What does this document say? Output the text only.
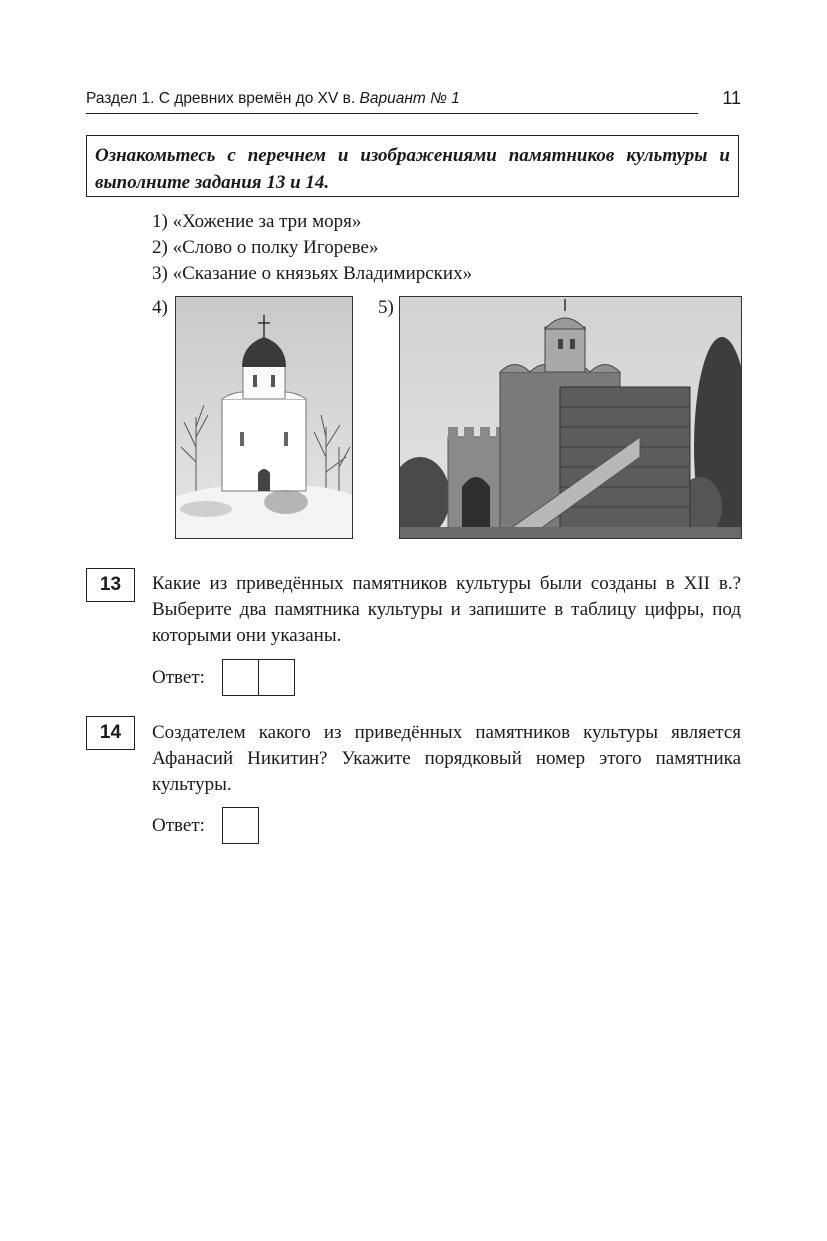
Раздел 1. С древних времён до XV в. Вариант № 1	11
Ознакомьтесь с перечнем и изображениями памятников культуры и выполните задания 13 и 14.
1) «Хожение за три моря»
2) «Слово о полку Игореве»
3) «Сказание о князьях Владимирских»
4)	5)
13	Какие из приведённых памятников культуры были созданы в XII в.? Выберите два памятника культуры и запишите в таблицу цифры, под которыми они указаны.
Ответ:
14	Создателем какого из приведённых памятников культуры является Афанасий Никитин? Укажите порядковый номер этого памятника культуры.
Ответ:
